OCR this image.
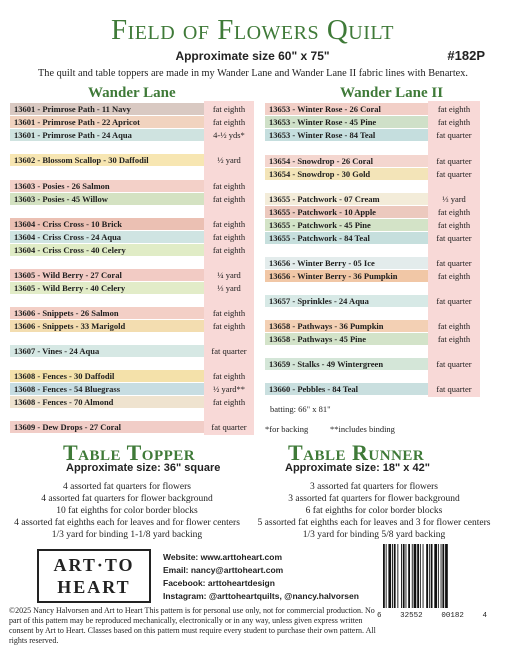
Field of Flowers Quilt
Approximate size 60" x 75"	#182P
The quilt and table toppers are made in my Wander Lane and Wander Lane II fabric lines with Benartex.
Wander Lane	Wander Lane II
13601 - Primrose Path - 11 Navy	fat eighth
13601 - Primrose Path - 22 Apricot	fat eighth
13601 - Primrose Path - 24 Aqua	4-½ yds*
13602 - Blossom Scallop - 30 Daffodil	½ yard
13603 - Posies - 26 Salmon	fat eighth
13603 - Posies - 45 Willow	fat eighth
13604 - Criss Cross - 10 Brick	fat eighth
13604 - Criss Cross - 24 Aqua	fat eighth
13604 - Criss Cross - 40 Celery	fat eighth
13605 - Wild Berry - 27 Coral	¼ yard
13605 - Wild Berry - 40 Celery	⅓ yard
13606 - Snippets - 26 Salmon	fat eighth
13606 - Snippets - 33 Marigold	fat eighth
13607 - Vines - 24 Aqua	fat quarter
13608 - Fences - 30 Daffodil	fat eighth
13608 - Fences - 54 Bluegrass	½ yard**
13608 - Fences - 70 Almond	fat eighth
13609 - Dew Drops - 27 Coral	fat quarter
13653 - Winter Rose - 26 Coral	fat eighth
13653 - Winter Rose - 45 Pine	fat eighth
13653 - Winter Rose - 84 Teal	fat quarter
13654 - Snowdrop - 26 Coral	fat quarter
13654 - Snowdrop - 30 Gold	fat quarter
13655 - Patchwork - 07 Cream	⅓ yard
13655 - Patchwork - 10 Apple	fat eighth
13655 - Patchwork - 45 Pine	fat eighth
13655 - Patchwork - 84 Teal	fat quarter
13656 - Winter Berry - 05 Ice	fat quarter
13656 - Winter Berry - 36 Pumpkin	fat eighth
13657 - Sprinkles - 24 Aqua	fat quarter
13658 - Pathways - 36 Pumpkin	fat eighth
13658 - Pathways - 45 Pine	fat eighth
13659 - Stalks - 49 Wintergreen	fat quarter
13660 - Pebbles - 84 Teal	fat quarter
batting: 66" x 81"
*for backing	**includes binding
Table Topper
Approximate size: 36" square
4 assorted fat quarters for flowers
4 assorted fat quarters for flower background
10 fat eighths for color border blocks
4 assorted fat eighths each for leaves and for flower centers
1/3 yard for binding 1-1/8 yard backing
Table Runner
Approximate size: 18" x 42"
3 assorted fat quarters for flowers
3 assorted fat quarters for flower background
6 fat eighths for color border blocks
5 assorted fat eighths each for leaves and 3 for flower centers
1/3 yard for binding 5/8 yard backing
ART·TO
HEART
Website: www.arttoheart.com
Email: nancy@arttoheart.com
Facebook: arttoheartdesign
Instagram: @arttoheartquilts, @nancy.halvorsen
6 32552 00182 4
©2025 Nancy Halvorsen and Art to Heart This pattern is for personal use only, not for commercial production. No part of this pattern may be reproduced mechanically, electronically or in any way, unless given express written consent by Art to Heart. Classes based on this pattern must require every student to purchase their own pattern. All rights reserved.
